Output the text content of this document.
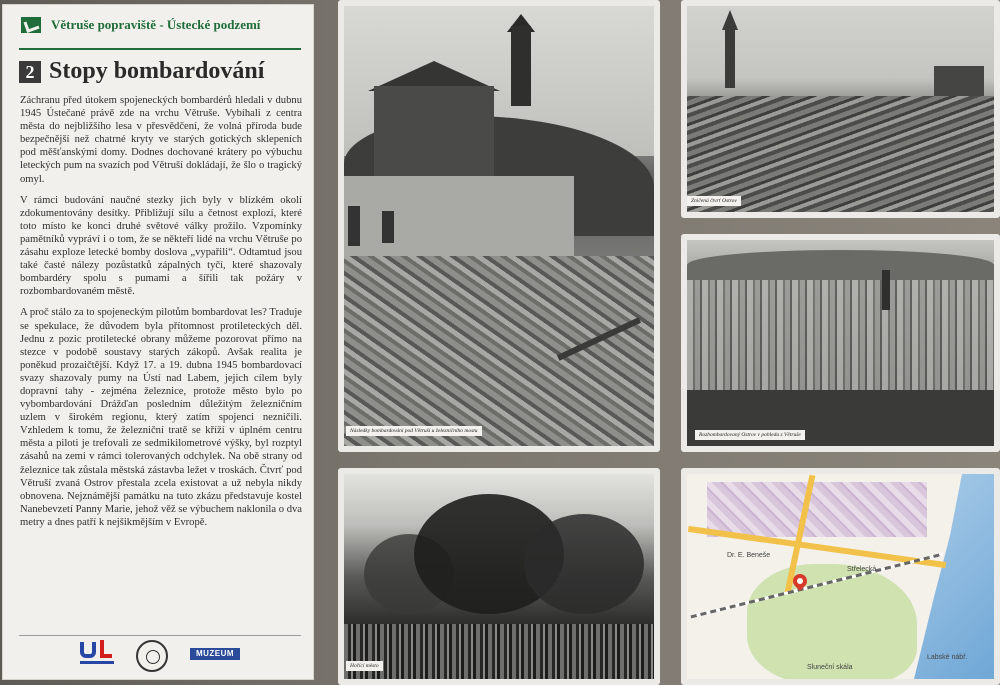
Větruše popraviště - Ústecké podzemí
2 Stopy bombardování

Záchranu před útokem spojeneckých bombardérů hledali v dubnu 1945 Ústečané právě zde na vrchu Větruše. Vybíhali z centra města do nejbližšího lesa v přesvědčení, že volná příroda bude bezpečnější než chatrné kryty ve starých gotických sklepeních pod měšťanskými domy. Dodnes dochované krátery po výbuchu leteckých pum na svazích pod Větruší dokládají, že šlo o tragický omyl.

V rámci budování naučné stezky jich byly v blízkém okolí zdokumentovány desítky. Přibližují sílu a četnost explozí, které toto místo ke konci druhé světové války prožilo. Vzpomínky pamětníků vypráví i o tom, že se někteří lidé na vrchu Větruše po zásahu exploze letecké bomby doslova „vypařili“. Odtamtud jsou také časté nálezy pozůstatků zápalných tyčí, které shazovaly bombardéry spolu s pumami a šířili tak požáry v rozbombardovaném městě.

A proč stálo za to spojeneckým pilotům bombardovat les? Traduje se spekulace, že důvodem byla přítomnost protileteckých děl. Jednu z pozic protiletecké obrany můžeme pozorovat přímo na stezce v podobě soustavy starých zákopů. Avšak realita je poněkud prozaičtější. Když 17. a 19. dubna 1945 bombardovací svazy shazovaly pumy na Ústí nad Labem, jejich cílem byly dopravní tahy - zejména železnice, protože město bylo po vybombardování Drážďan posledním důležitým železničním uzlem v širokém regionu, který zatím spojenci nezničili. Vzhledem k tomu, že železniční tratě se kříží v úplném centru města a piloti je trefovali ze sedmikilometrové výšky, byl rozptyl zásahů na zemi v rámci tolerovaných odchylek. Na obě strany od železnice tak zůstala městská zástavba ležet v troskách. Čtvrť pod Větruší zvaná Ostrov přestala zcela existovat a už nebyla nikdy obnovena. Nejznámější památku na tuto zkázu představuje kostel Nanebevzetí Panny Marie, jehož věž se výbuchem naklonila o dva metry a dnes patří k nejšikmějším v Evropě.

MUZEUM
Následky bombardování pod Větruší u železničního mostu
Zničená čtvrť Ostrov
Rozbombardovaný Ostrov v pohledu z Větruše
Hořící město
Střelecká
Dr. E. Beneše
Labské nábř.
Sluneční skála
